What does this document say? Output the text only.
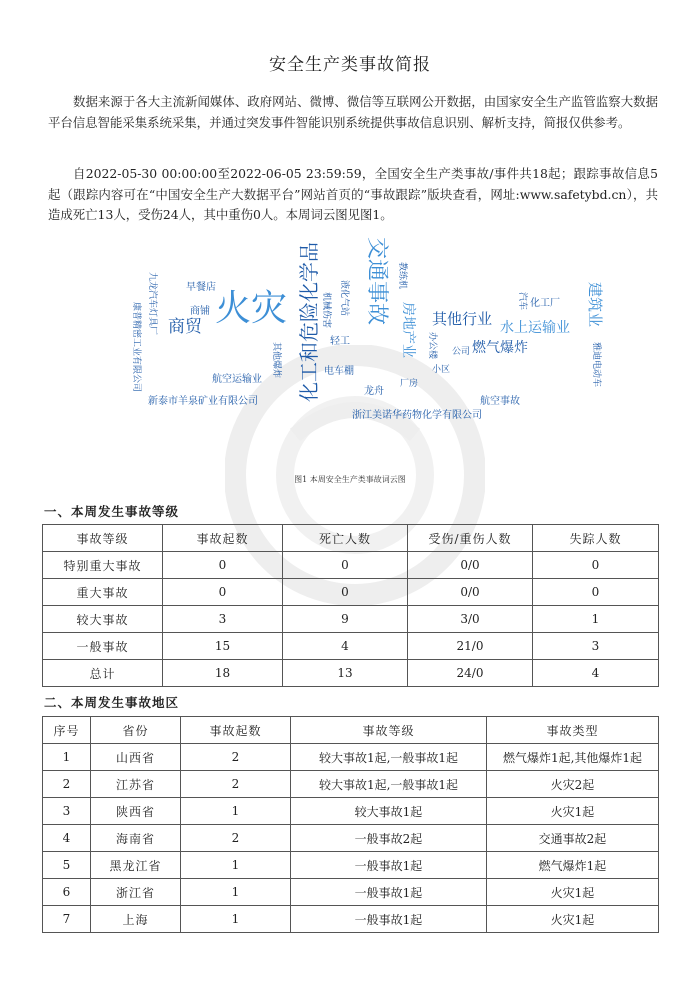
安全生产类事故简报
数据来源于各大主流新闻媒体、政府网站、微博、微信等互联网公开数据，由国家安全生产监管监察大数据平台信息智能采集系统采集，并通过突发事件智能识别系统提供事故信息识别、解析支持，简报仅供参考。
自2022-05-30 00:00:00至2022-06-05 23:59:59，全国安全生产类事故/事件共18起；跟踪事故信息5起（跟踪内容可在“中国安全生产大数据平台”网站首页的“事故跟踪”版块查看，网址:www.safetybd.cn），共造成死亡13人，受伤24人，其中重伤0人。本周词云图见图1。
火灾	交通事故
化工和危险化学品	其他行业 水上运输业
燃气爆炸
商贸
商铺
早餐店
房地产业	建筑业
航空运输业
新泰市羊泉矿业有限公司
浙江美诺华药物化学有限公司
电车棚
龙舟
航空事故
九龙汽车灯具厂
康普精密工业有限公司	化工厂
轻工
其他爆炸
机械伤害 液化气站
教练机
雅迪电动车
公司
小区
厂房
汽车
办公楼
图1 本周安全生产类事故词云图
一、本周发生事故等级
事故等级	事故起数	死亡人数	受伤/重伤人数	失踪人数
特别重大事故	0	0	0/0	0
重大事故	0	0	0/0	0
较大事故	3	9	3/0	1
一般事故	15	4	21/0	3
总计	18	13	24/0	4
二、本周发生事故地区
序号	省份	事故起数	事故等级	事故类型
1	山西省	2	较大事故1起,一般事故1起	燃气爆炸1起,其他爆炸1起
2	江苏省	2	较大事故1起,一般事故1起	火灾2起
3	陕西省	1	较大事故1起	火灾1起
4	海南省	2	一般事故2起	交通事故2起
5	黑龙江省	1	一般事故1起	燃气爆炸1起
6	浙江省	1	一般事故1起	火灾1起
7	上海	1	一般事故1起	火灾1起
